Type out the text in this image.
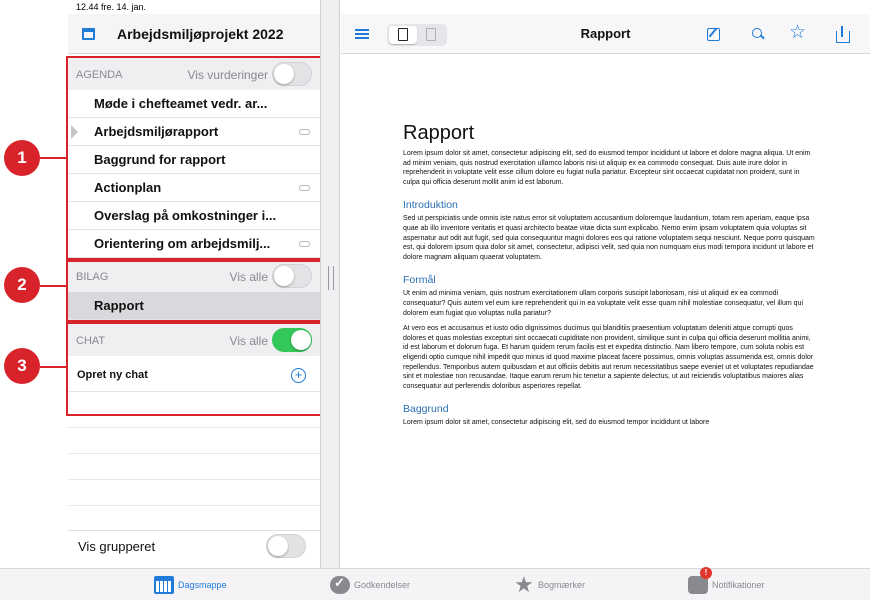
12.44 fre. 14. jan.
Arbejdsmiljøprojekt 2022
AGENDA	Vis vurderinger
Møde i chefteamet vedr. ar...
Arbejdsmiljørapport
Baggrund for rapport
Actionplan
Overslag på omkostninger i...
Orientering om arbejdsmilj...
BILAG	Vis alle
Rapport
CHAT	Vis alle
Opret ny chat	+
Vis grupperet
1
2
3
Rapport	☆
Rapport
Lorem ipsum dolor sit amet, consectetur adipiscing elit, sed do eiusmod tempor incididunt ut labore et dolore magna aliqua. Ut enim ad minim veniam, quis nostrud exercitation ullamco laboris nisi ut aliquip ex ea commodo consequat. Duis aute irure dolor in reprehenderit in voluptate velit esse cillum dolore eu fugiat nulla pariatur. Excepteur sint occaecat cupidatat non proident, sunt in culpa qui officia deserunt mollit anim id est laborum.
Introduktion
Sed ut perspiciatis unde omnis iste natus error sit voluptatem accusantium doloremque laudantium, totam rem aperiam, eaque ipsa quae ab illo inventore veritatis et quasi architecto beatae vitae dicta sunt explicabo. Nemo enim ipsam voluptatem quia voluptas sit aspernatur aut odit aut fugit, sed quia consequuntur magni dolores eos qui ratione voluptatem sequi nesciunt. Neque porro quisquam est, qui dolorem ipsum quia dolor sit amet, consectetur, adipisci velit, sed quia non numquam eius modi tempora incidunt ut labore et dolore magnam aliquam quaerat voluptatem.
Formål
Ut enim ad minima veniam, quis nostrum exercitationem ullam corporis suscipit laboriosam, nisi ut aliquid ex ea commodi consequatur? Quis autem vel eum iure reprehenderit qui in ea voluptate velit esse quam nihil molestiae consequatur, vel illum qui dolorem eum fugiat quo voluptas nulla pariatur?
At vero eos et accusamus et iusto odio dignissimos ducimus qui blanditiis praesentium voluptatum deleniti atque corrupti quos dolores et quas molestias excepturi sint occaecati cupiditate non provident, similique sunt in culpa qui officia deserunt mollitia animi, id est laborum et dolorum fuga. Et harum quidem rerum facilis est et expedita distinctio. Nam libero tempore, cum soluta nobis est eligendi optio cumque nihil impedit quo minus id quod maxime placeat facere possimus, omnis voluptas assumenda est, omnis dolor repellendus. Temporibus autem quibusdam et aut officiis debitis aut rerum necessitatibus saepe eveniet ut et voluptates repudiandae sint et molestiae non recusandae. Itaque earum rerum hic tenetur a sapiente delectus, ut aut reiciendis voluptatibus maiores alias consequatur aut perferendis doloribus asperiores repellat.
Baggrund
Lorem ipsum dolor sit amet, consectetur adipiscing elit, sed do eiusmod tempor incididunt ut labore
Dagsmappe
✓	Godkendelser	★ Bogmærker
!
Notifikationer
